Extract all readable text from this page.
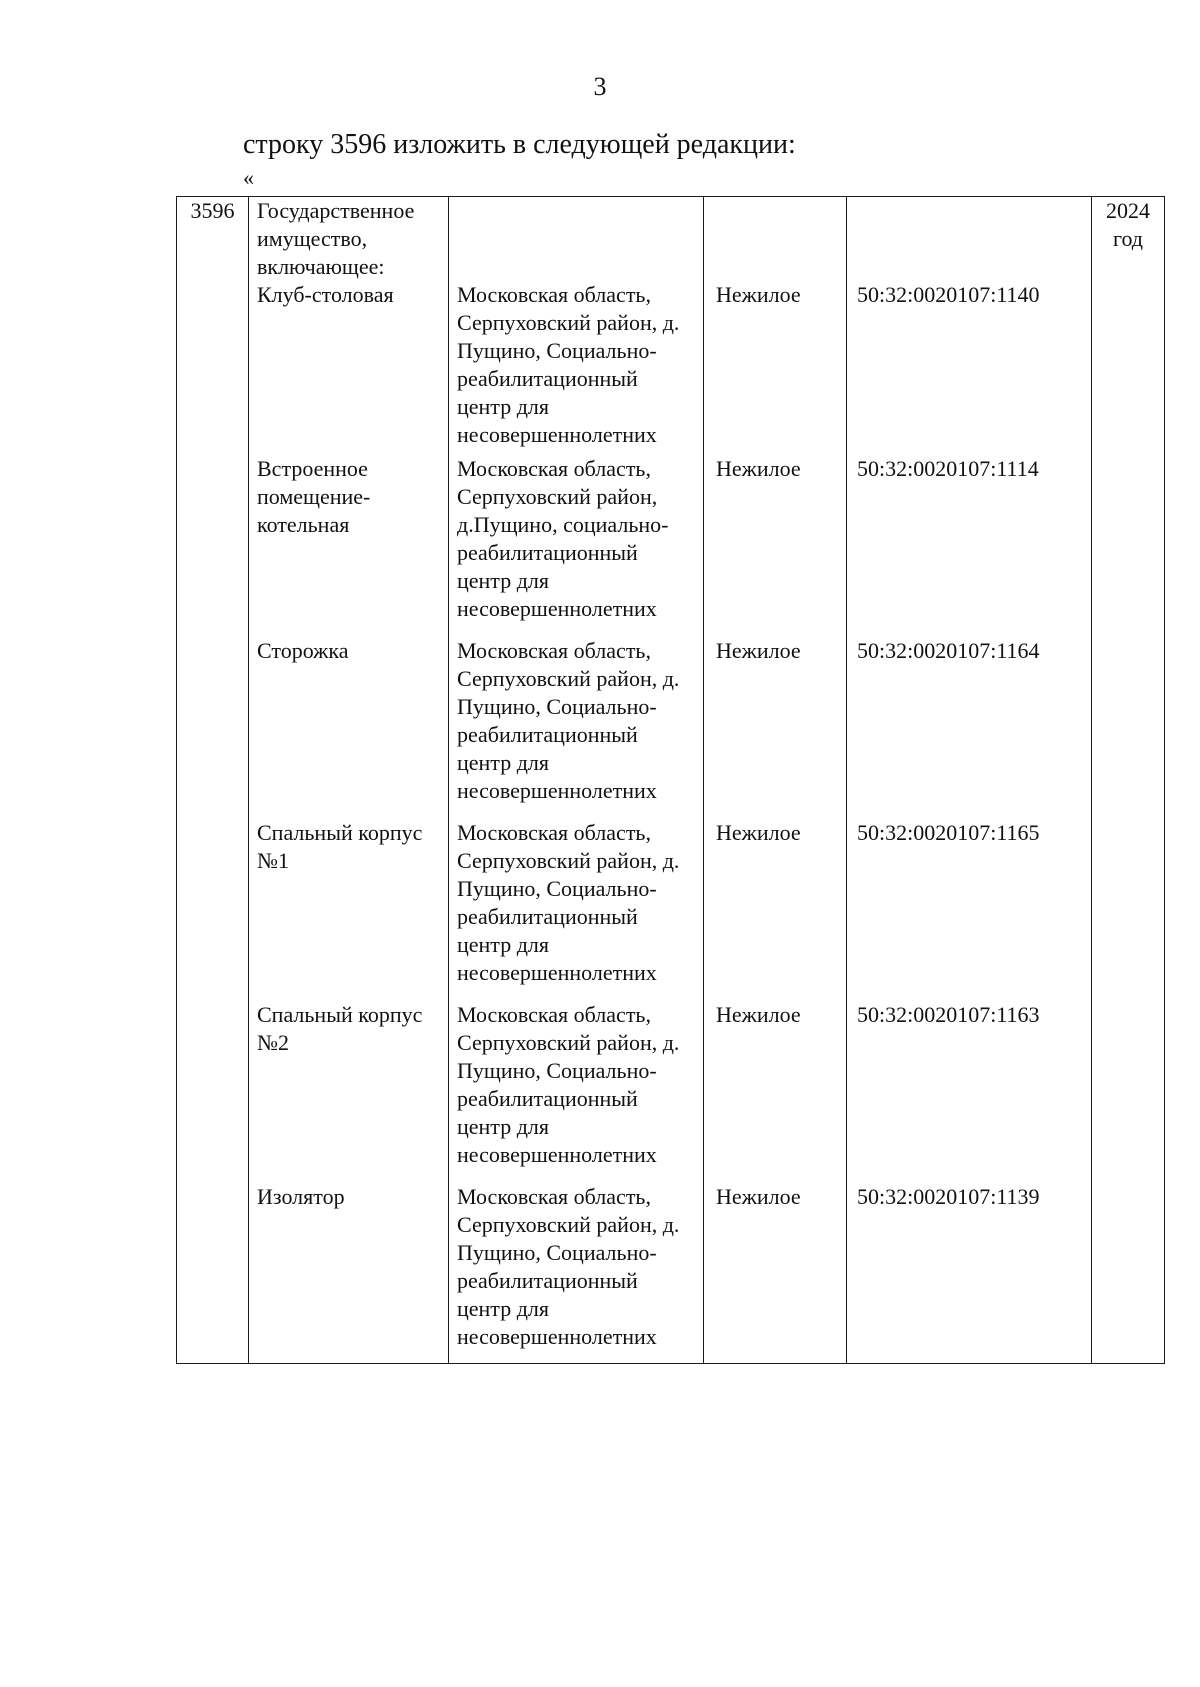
3
строку 3596 изложить в следующей редакции:
«
3596	Государственное имущество, включающее:				2024 год
	Клуб-столовая	Московская область, Серпуховский район, д. Пущино, Социально-реабилитационный центр для несовершеннолетних	Нежилое	50:32:0020107:1140	
	Встроенное помещение-котельная	Московская область, Серпуховский район, д.Пущино, социально-реабилитационный центр для несовершеннолетних	Нежилое	50:32:0020107:1114	
	Сторожка	Московская область, Серпуховский район, д. Пущино, Социально-реабилитационный центр для несовершеннолетних	Нежилое	50:32:0020107:1164	
	Спальный корпус №1	Московская область, Серпуховский район, д. Пущино, Социально-реабилитационный центр для несовершеннолетних	Нежилое	50:32:0020107:1165	
	Спальный корпус №2	Московская область, Серпуховский район, д. Пущино, Социально-реабилитационный центр для несовершеннолетних	Нежилое	50:32:0020107:1163	
	Изолятор	Московская область, Серпуховский район, д. Пущино, Социально-реабилитационный центр для несовершеннолетних	Нежилое	50:32:0020107:1139	
